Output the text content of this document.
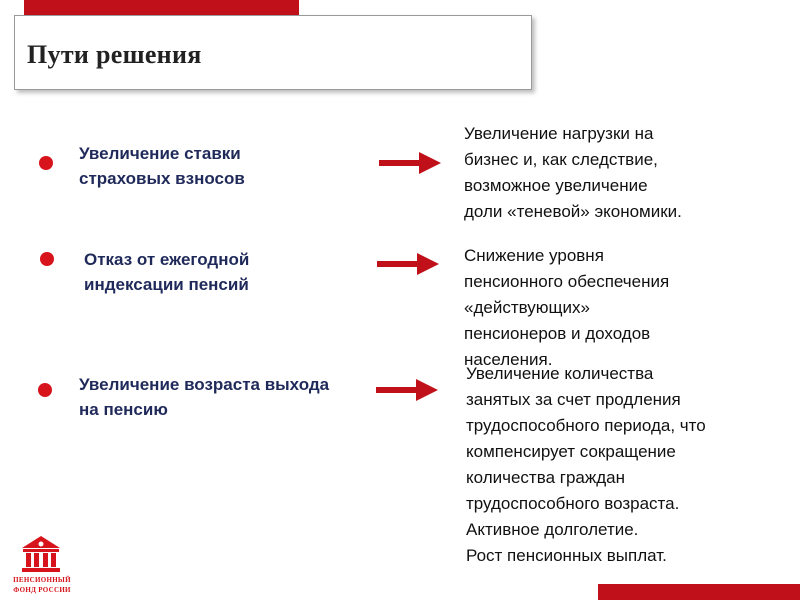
Пути решения
Увеличение ставки
страховых взносов
Увеличение нагрузки на
бизнес и, как следствие,
возможное увеличение
доли «теневой» экономики.
Отказ от ежегодной
индексации пенсий
Снижение уровня
пенсионного обеспечения
«действующих»
пенсионеров и доходов
населения.
Увеличение возраста выхода
на пенсию
Увеличение количества
занятых за счет продления
трудоспособного периода, что
компенсирует сокращение
количества граждан
трудоспособного возраста.
Активное долголетие.
Рост пенсионных выплат.
ПЕНСИОННЫЙ
ФОНД РОССИИ
